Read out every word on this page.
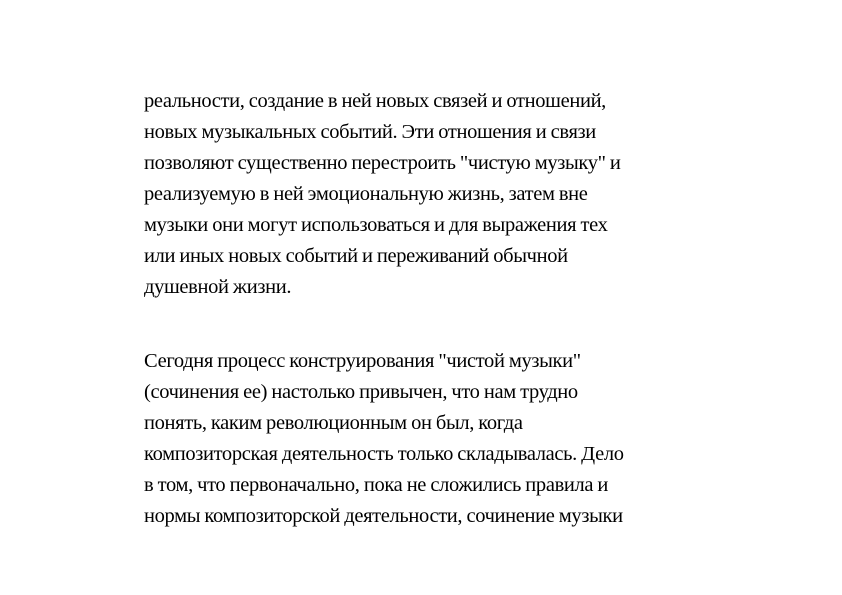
реальности, создание в ней новых связей и отношений,
новых музыкальных событий. Эти отношения и связи
позволяют существенно перестроить "чистую музыку" и
реализуемую в ней эмоциональную жизнь, затем вне
музыки они могут использоваться и для выражения тех
или иных новых событий и переживаний обычной
душевной жизни.
Сегодня процесс конструирования "чистой музыки"
(сочинения ее) настолько привычен, что нам трудно
понять, каким революционным он был, когда
композиторская деятельность только складывалась. Дело
в том, что первоначально, пока не сложились правила и
нормы композиторской деятельности, сочинение музыки
